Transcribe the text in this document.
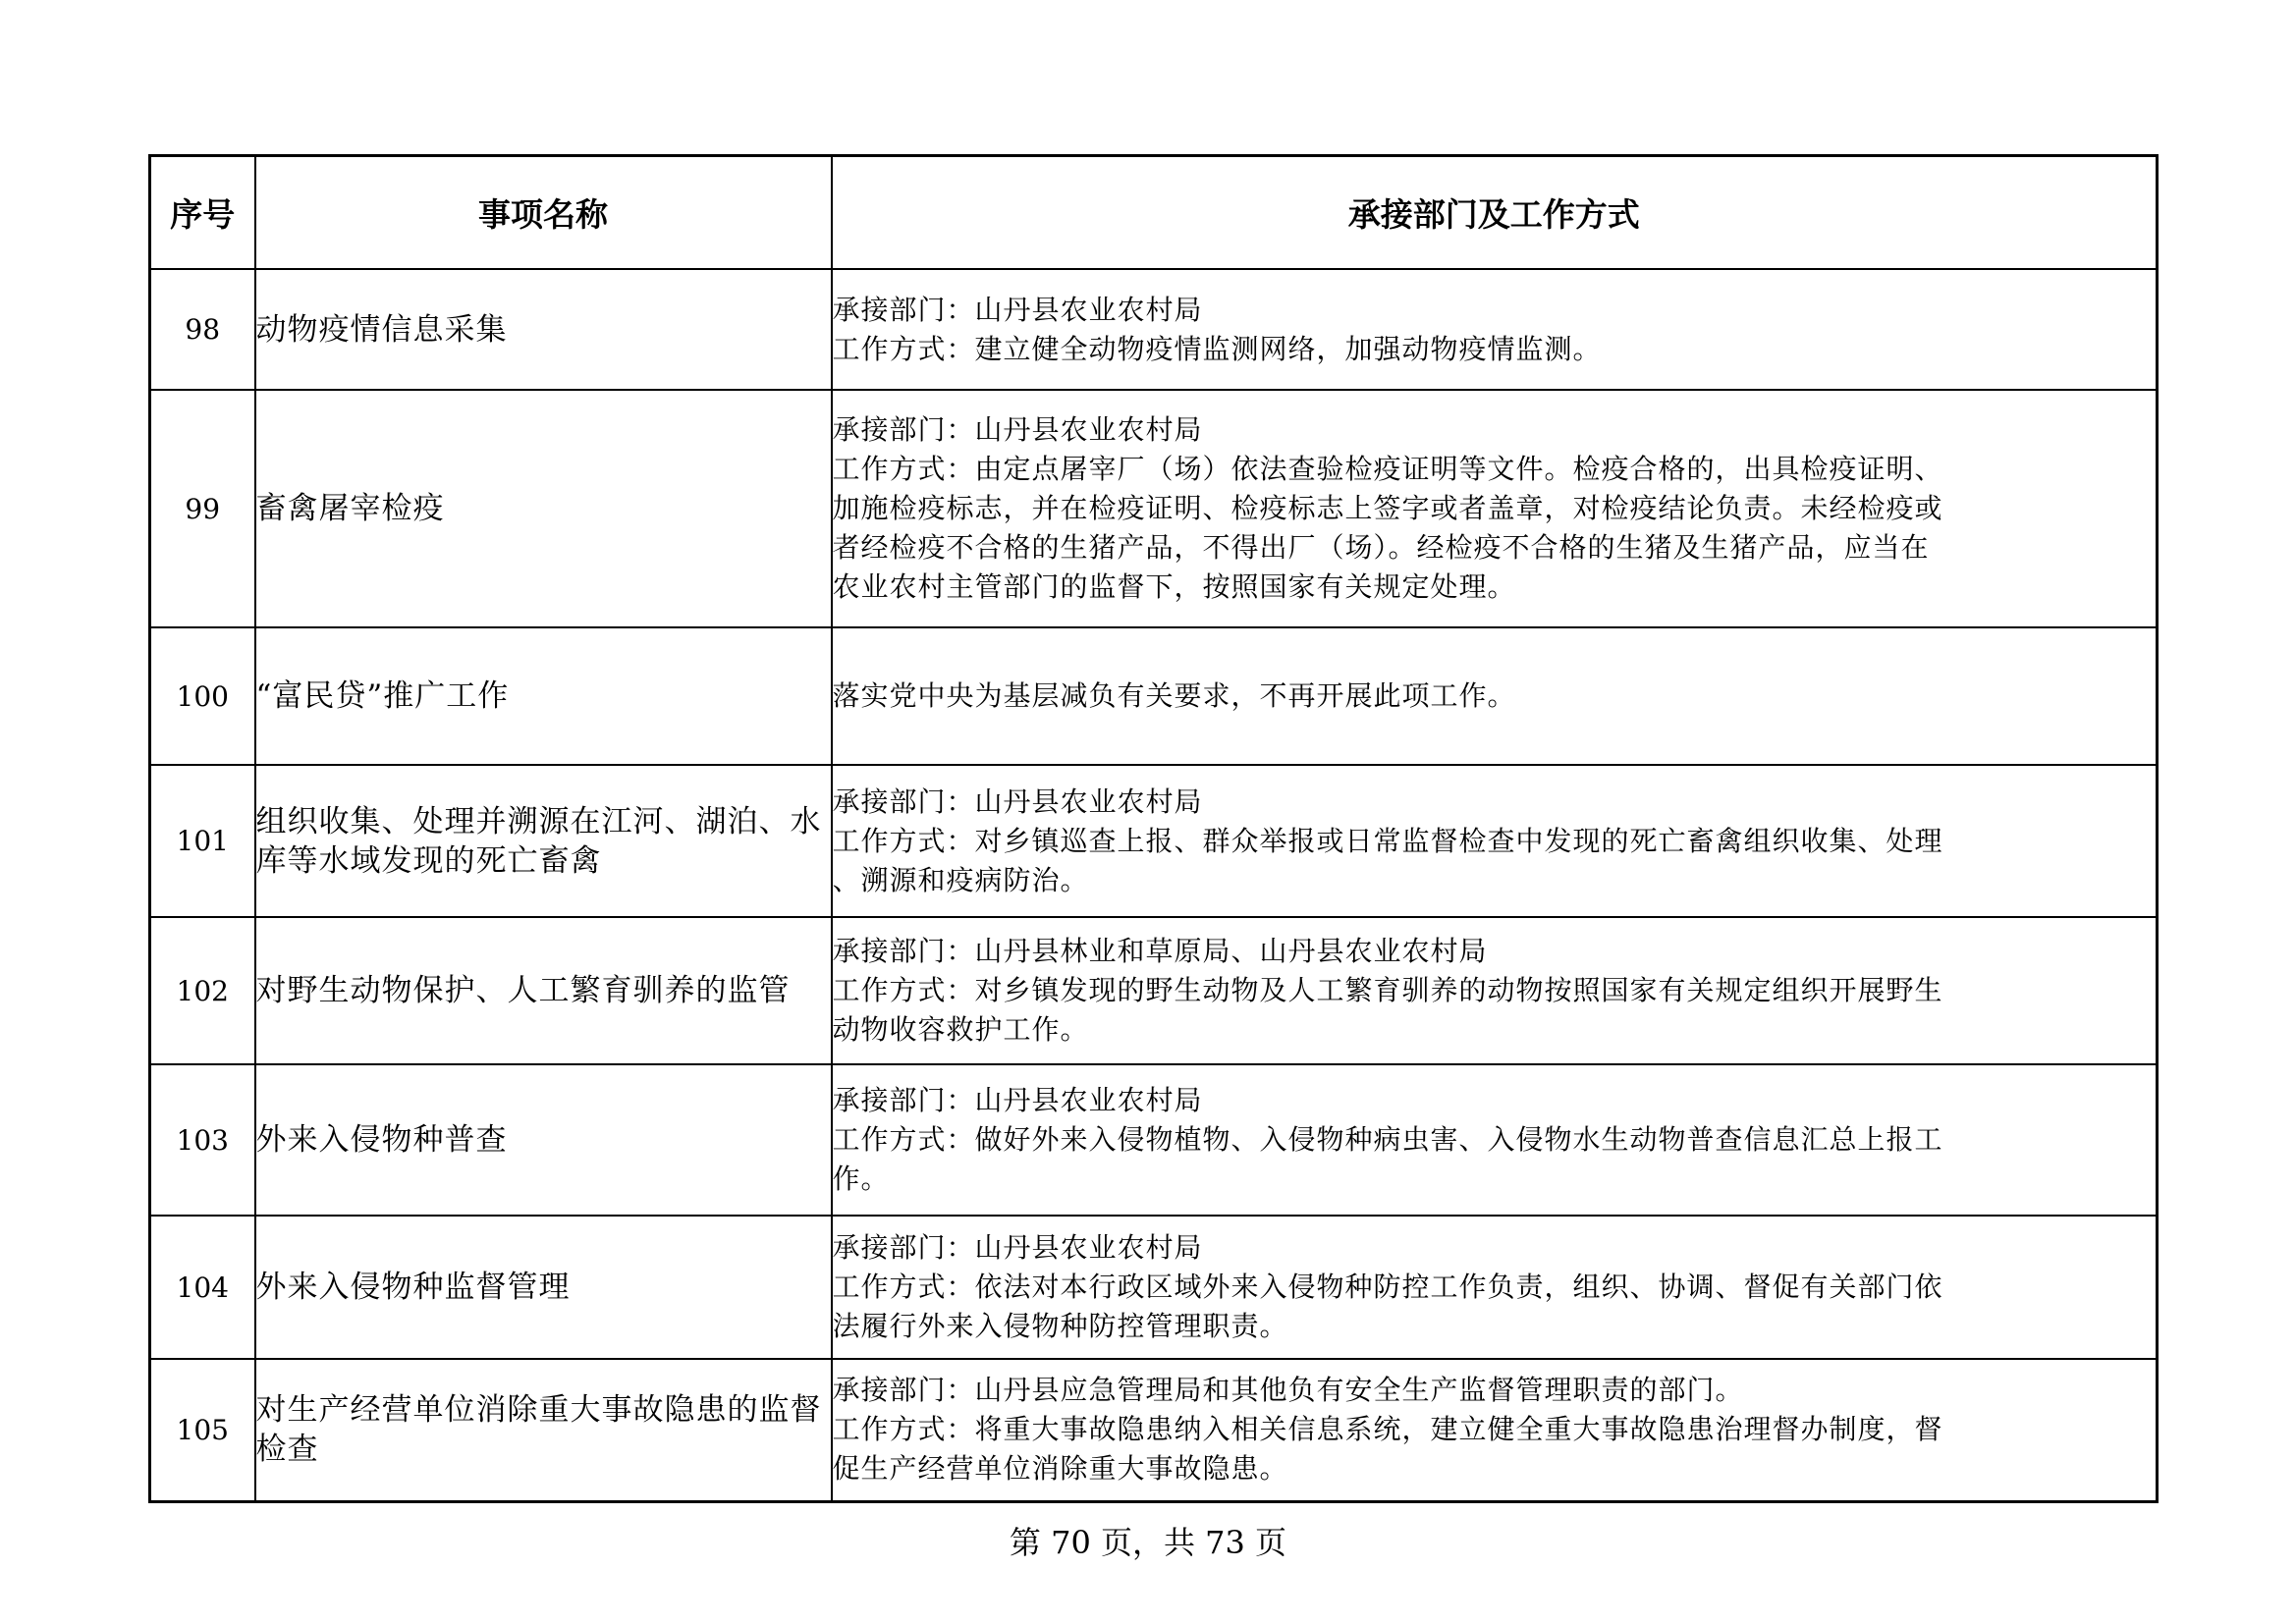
序号	事项名称	承接部门及工作方式
98	动物疫情信息采集	承接部门：山丹县农业农村局
工作方式：建立健全动物疫情监测网络，加强动物疫情监测。

99	畜禽屠宰检疫	承接部门：山丹县农业农村局
工作方式：由定点屠宰厂（场）依法查验检疫证明等文件。检疫合格的，出具检疫证明、
加施检疫标志，并在检疫证明、检疫标志上签字或者盖章，对检疫结论负责。未经检疫或
者经检疫不合格的生猪产品，不得出厂（场）。经检疫不合格的生猪及生猪产品，应当在
农业农村主管部门的监督下，按照国家有关规定处理。

100	“富民贷”推广工作	落实党中央为基层减负有关要求，不再开展此项工作。

101	组织收集、处理并溯源在江河、湖泊、水库等水域发现的死亡畜禽	承接部门：山丹县农业农村局
工作方式：对乡镇巡查上报、群众举报或日常监督检查中发现的死亡畜禽组织收集、处理
、溯源和疫病防治。

102	对野生动物保护、人工繁育驯养的监管	承接部门：山丹县林业和草原局、山丹县农业农村局
工作方式：对乡镇发现的野生动物及人工繁育驯养的动物按照国家有关规定组织开展野生
动物收容救护工作。

103	外来入侵物种普查	承接部门：山丹县农业农村局
工作方式：做好外来入侵物植物、入侵物种病虫害、入侵物水生动物普查信息汇总上报工
作。

104	外来入侵物种监督管理	承接部门：山丹县农业农村局
工作方式：依法对本行政区域外来入侵物种防控工作负责，组织、协调、督促有关部门依
法履行外来入侵物种防控管理职责。

105	对生产经营单位消除重大事故隐患的监督检查	承接部门：山丹县应急管理局和其他负有安全生产监督管理职责的部门。
工作方式：将重大事故隐患纳入相关信息系统，建立健全重大事故隐患治理督办制度，督
促生产经营单位消除重大事故隐患。
第 70 页，共 73 页
